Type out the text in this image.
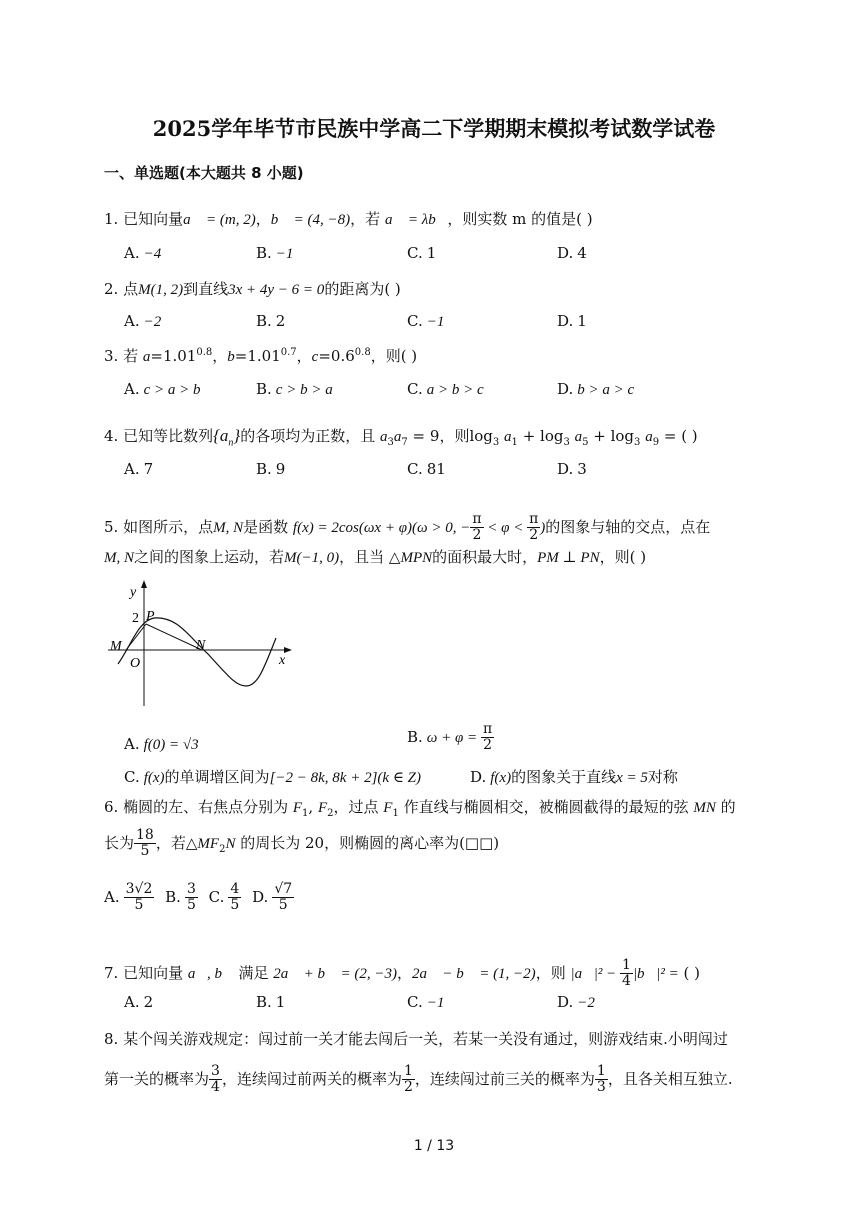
2025学年毕节市民族中学高二下学期期末模拟考试数学试卷
一、单选题(本大题共 8 小题)
1. 已知向量a⃗ = (m, 2)，b⃗ = (4, −8)，若 a⃗ = λb⃗，则实数 m 的值是( )
A. −4	B. −1	C. 1	D. 4
2. 点M(1, 2)到直线3x + 4y − 6 = 0的距离为( )
A. −2	B. 2	C. −1	D. 1
3. 若 $a=1.01^{0.8}$，$b=1.01^{0.7}$，$c=0.6^{0.8}$，则( )
A. c > a > b	B. c > b > a	C. a > b > c	D. b > a > c
4. 已知等比数列$\{a_n\}$的各项均为正数，且 $a_3a_7 = 9$，则$\log_3 a_1 + \log_3 a_5 + \log_3 a_9$ = ( )
A. 7	B. 9	C. 81	D. 3
5. 如图所示，点M, N是函数 f(x) = 2cos(ωx + φ)(ω > 0, − $\frac{\pi}{2} < \varphi < \frac{\pi}{2}$ )的图象与轴的交点，点在
M, N之间的图象上运动，若M(−1, 0)，且当 △MPN的面积最大时，PM ⊥ PN，则( )
y
2 P
M
O
N
x
A. f(0) = √3	B. $\omega + \varphi = \frac{\pi}{2}$
C. f(x)的单调增区间为[−2 − 8k, 8k + 2](k ∈ Z)	D. f(x)的图象关于直线x = 5对称
6. 椭圆的左、右焦点分别为 $F_1$, $F_2$，过点 $F_1$ 作直线与椭圆相交，被椭圆截得的最短的弦 MN 的
长为 $\frac{18}{5}$ ，若$\triangle MF_2N$ 的周长为 20，则椭圆的离心率为(□□)
A. $\frac{3√2}{5} B$. $\frac{3}{5} C$. $\frac{4}{5} D$. $\frac{√7}{5}$
7. 已知向量 a⃗, b⃗ 满足 2a⃗ + b⃗ = (2, −3)，2a⃗ − b⃗ = (1, −2)，则 |a⃗|² − $\frac{1}{4}$ |b⃗|² = ( )
A. 2	B. 1	C. −1	D. −2
8. 某个闯关游戏规定：闯过前一关才能去闯后一关，若某一关没有通过，则游戏结束.小明闯过
第一关的概率为 $\frac{3}{4}$ ，连续闯过前两关的概率为 $\frac{1}{2}$ ，连续闯过前三关的概率为 $\frac{1}{3}$ ，且各关相互独立.
1 / 13
